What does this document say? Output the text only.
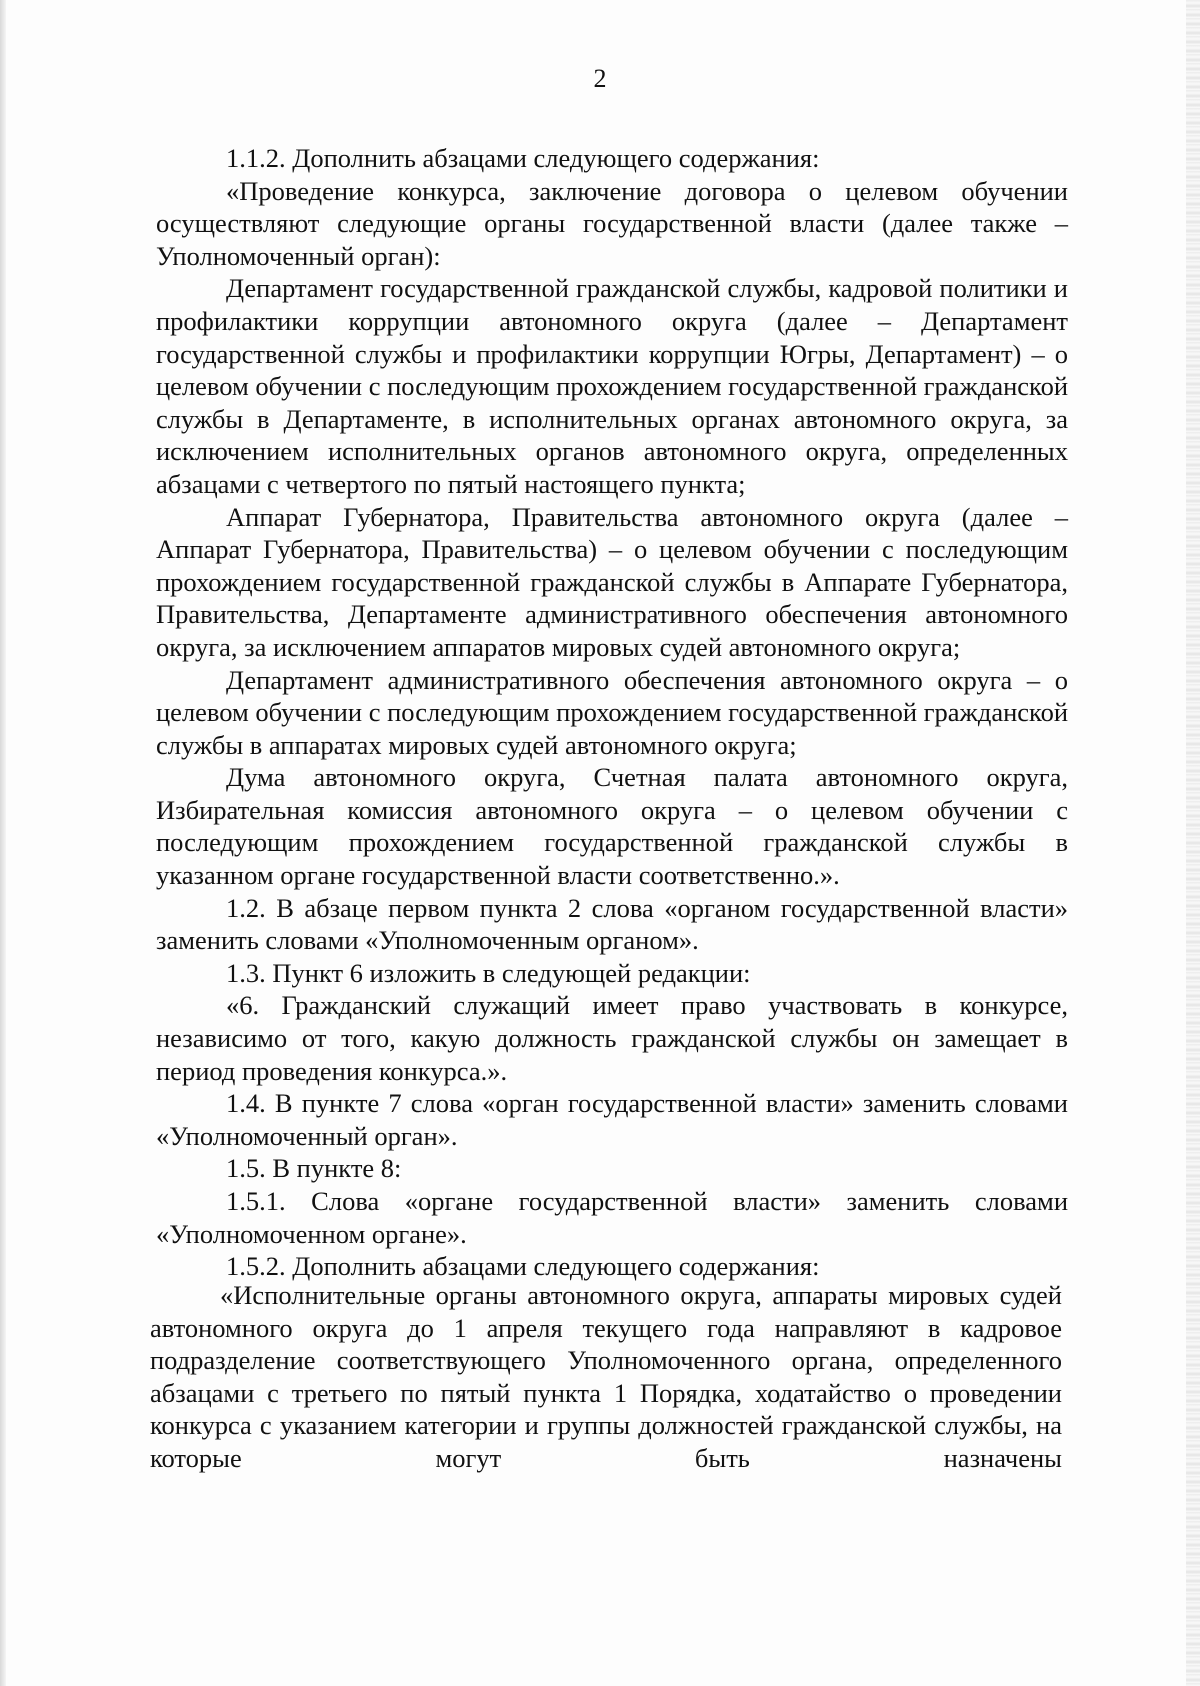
2

1.1.2. Дополнить абзацами следующего содержания:

«Проведение конкурса, заключение договора о целевом обучении осуществляют следующие органы государственной власти (далее также – Уполномоченный орган):

Департамент государственной гражданской службы, кадровой политики и профилактики коррупции автономного округа (далее – Департамент государственной службы и профилактики коррупции Югры, Департамент) – о целевом обучении с последующим прохождением государственной гражданской службы в Департаменте, в исполнительных органах автономного округа, за исключением исполнительных органов автономного округа, определенных абзацами с четвертого по пятый настоящего пункта;

Аппарат Губернатора, Правительства автономного округа (далее – Аппарат Губернатора, Правительства) – о целевом обучении с последующим прохождением государственной гражданской службы в Аппарате Губернатора, Правительства, Департаменте административного обеспечения автономного округа, за исключением аппаратов мировых судей автономного округа;

Департамент административного обеспечения автономного округа – о целевом обучении с последующим прохождением государственной гражданской службы в аппаратах мировых судей автономного округа;

Дума автономного округа, Счетная палата автономного округа, Избирательная комиссия автономного округа – о целевом обучении с последующим прохождением государственной гражданской службы в указанном органе государственной власти соответственно.».

1.2. В абзаце первом пункта 2 слова «органом государственной власти» заменить словами «Уполномоченным органом».

1.3. Пункт 6 изложить в следующей редакции:

«6. Гражданский служащий имеет право участвовать в конкурсе, независимо от того, какую должность гражданской службы он замещает в период проведения конкурса.».

1.4. В пункте 7 слова «орган государственной власти» заменить словами «Уполномоченный орган».

1.5. В пункте 8:

1.5.1. Слова «органе государственной власти» заменить словами «Уполномоченном органе».

1.5.2. Дополнить абзацами следующего содержания:

«Исполнительные органы автономного округа, аппараты мировых судей автономного округа до 1 апреля текущего года направляют в кадровое подразделение соответствующего Уполномоченного органа, определенного абзацами с третьего по пятый пункта 1 Порядка, ходатайство о проведении конкурса с указанием категории и группы должностей гражданской службы, на которые могут быть назначены
